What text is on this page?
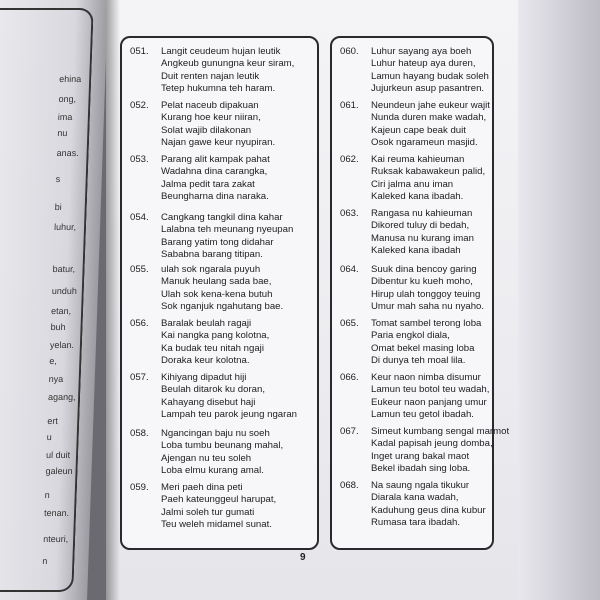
ehina
ong,
ima
nu
anas.
s
bi
luhur,
batur,
unduh
etan,
buh
yelan.
e,
nya
agang,
ert
u
ul duit
galeun
n
tenan.
nteuri,
n
051.	Langit ceudeum hujan leutik
Angkeub gunungna keur siram,
Duit renten najan leutik
Tetep hukumna teh haram.
052.	Pelat naceub dipakuan
Kurang hoe keur niiran,
Solat wajib dilakonan
Najan gawe keur nyupiran.
053.	Parang alit kampak pahat
Wadahna dina carangka,
Jalma pedit tara zakat
Beungharna dina naraka.
054.	Cangkang tangkil dina kahar
Lalabna teh meunang nyeupan
Barang yatim tong didahar
Sababna barang titipan.
055.	ulah sok ngarala puyuh
Manuk heulang sada bae,
Ulah sok kena-kena butuh
Sok nganjuk ngahutang bae.
056.	Baralak beulah ragaji
Kai nangka pang kolotna,
Ka budak teu nitah ngaji
Doraka keur kolotna.
057.	Kihiyang dipadut hiji
Beulah ditarok ku doran,
Kahayang disebut haji
Lampah teu parok jeung ngaran
058.	Ngancingan baju nu soeh
Loba tumbu beunang mahal,
Ajengan nu teu soleh
Loba elmu kurang amal.
059.	Meri paeh dina peti
Paeh kateunggeul harupat,
Jalmi soleh tur gumati
Teu weleh midamel sunat.
060.	Luhur sayang aya boeh
Luhur hateup aya duren,
Lamun hayang budak soleh
Jujurkeun asup pasantren.
061.	Neundeun jahe eukeur wajit
Nunda duren make wadah,
Kajeun cape beak duit
Osok ngarameun masjid.
062.	Kai reuma kahieuman
Ruksak kabawakeun palid,
Ciri jalma anu iman
Kaleked kana ibadah.
063.	Rangasa nu kahieuman
Dikored tuluy di bedah,
Manusa nu kurang iman
Kaleked kana ibadah
064.	Suuk dina bencoy garing
Dibentur ku kueh moho,
Hirup ulah tonggoy teuing
Umur mah saha nu nyaho.
065.	Tomat sambel terong loba
Paria engkol diala,
Omat bekel masing loba
Di dunya teh moal lila.
066.	Keur naon nimba disumur
Lamun teu botol teu wadah,
Eukeur naon panjang umur
Lamun teu getol ibadah.
067.	Simeut kumbang sengal marmot
Kadal papisah jeung domba,
Inget urang bakal maot
Bekel ibadah sing loba.
068.	Na saung ngala tikukur
Diarala kana wadah,
Kaduhung geus dina kubur
Rumasa tara ibadah.
9
